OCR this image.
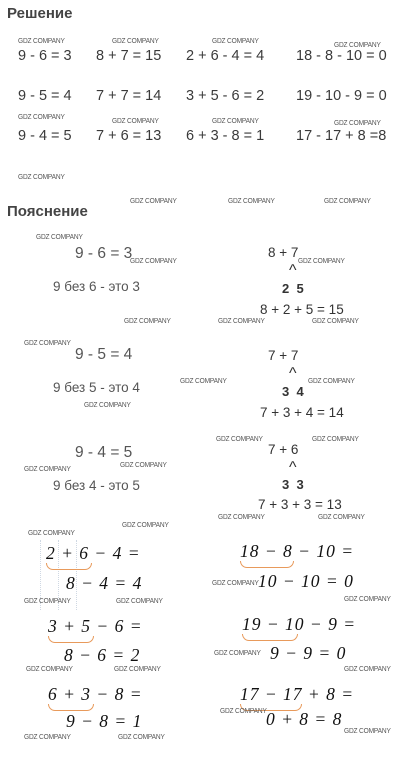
Решение
Пояснение
9 - 6 = 3 8 + 7 = 15 2 + 6 - 4 = 4 18 - 8 - 10 = 0
9 - 5 = 4 7 + 7 = 14 3 + 5 - 6 = 2 19 - 10 - 9 = 0
9 - 4 = 5 7 + 6 = 13 6 + 3 - 8 = 1 17 - 17 + 8 =8
9 - 6 = 3
9 без 6 - это 3
9 - 5 = 4
9 без 5 - это 4
9 - 4 = 5
9 без 4 - это 5
8 + 7
^
2  5
8 + 2 + 5 = 15
7 + 7
^
3  4
7 + 3 + 4 = 14
7 + 6
^
3  3
7 + 3 + 3 = 13
2 + 6 − 4 =
8 − 4 = 4
18 − 8 − 10 =
10 − 10 = 0
3 + 5 − 6 =
8 − 6 = 2
19 − 10 − 9 =
9 − 9 = 0
6 + 3 − 8 =
9 − 8 = 1
17 − 17 + 8 =
0 + 8 = 8
GDZ COMPANY	GDZ COMPANY	GDZ COMPANY	GDZ COMPANY
GDZ COMPANY	GDZ COMPANY	GDZ COMPANY	GDZ COMPANY
GDZ COMPANY
GDZ COMPANY	GDZ COMPANY	GDZ COMPANY
GDZ COMPANY
GDZ COMPANY	GDZ COMPANY
GDZ COMPANY	GDZ COMPANY	GDZ COMPANY
GDZ COMPANY
GDZ COMPANY	GDZ COMPANY
GDZ COMPANY
GDZ COMPANY	GDZ COMPANY
GDZ COMPANY
GDZ COMPANY
GDZ COMPANY	GDZ COMPANY
GDZ COMPANY
GDZ COMPANY
GDZ COMPANY
GDZ COMPANY
GDZ COMPANY	GDZ COMPANY
GDZ COMPANY
GDZ COMPANY
GDZ COMPANY	GDZ COMPANY
GDZ COMPANY
GDZ COMPANY
GDZ COMPANY	GDZ COMPANY
